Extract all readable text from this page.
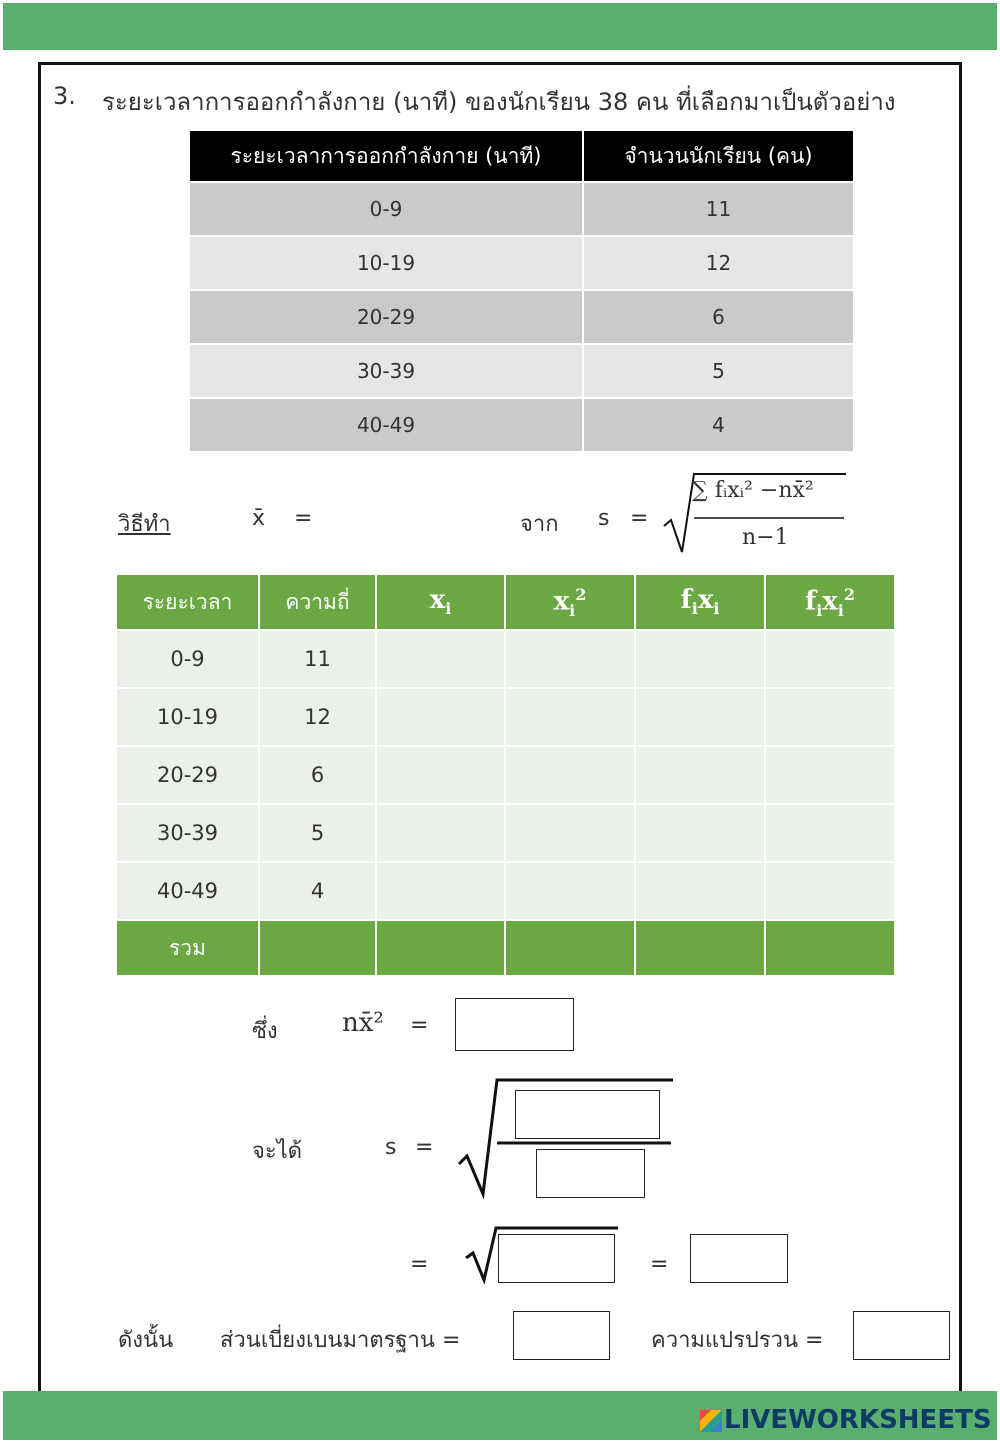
3. ระยะเวลาการออกกำลังกาย (นาที) ของนักเรียน 38 คน ที่เลือกมาเป็นตัวอย่าง
ระยะเวลาการออกกำลังกาย (นาที)	จำนวนนักเรียน (คน)
0-9	11
10-19	12
20-29	6
30-39	5
40-49	4
วิธีทำ	x̄ =	จาก s =
∑ fᵢxᵢ² −nx̄²
n−1
ระยะเวลา	ความถี่	$x_i$	$x_i^2$	$f_ix_i$	$f_ix_i^2$
0-9	11				
10-19	12				
20-29	6				
30-39	5				
40-49	4				
รวม					
ซึ่ง nx̄² =
จะได้	s =
=	=
ดังนั้น ส่วนเบี่ยงเบนมาตรฐาน =	ความแปรปรวน =
LIVEWORKSHEETS
